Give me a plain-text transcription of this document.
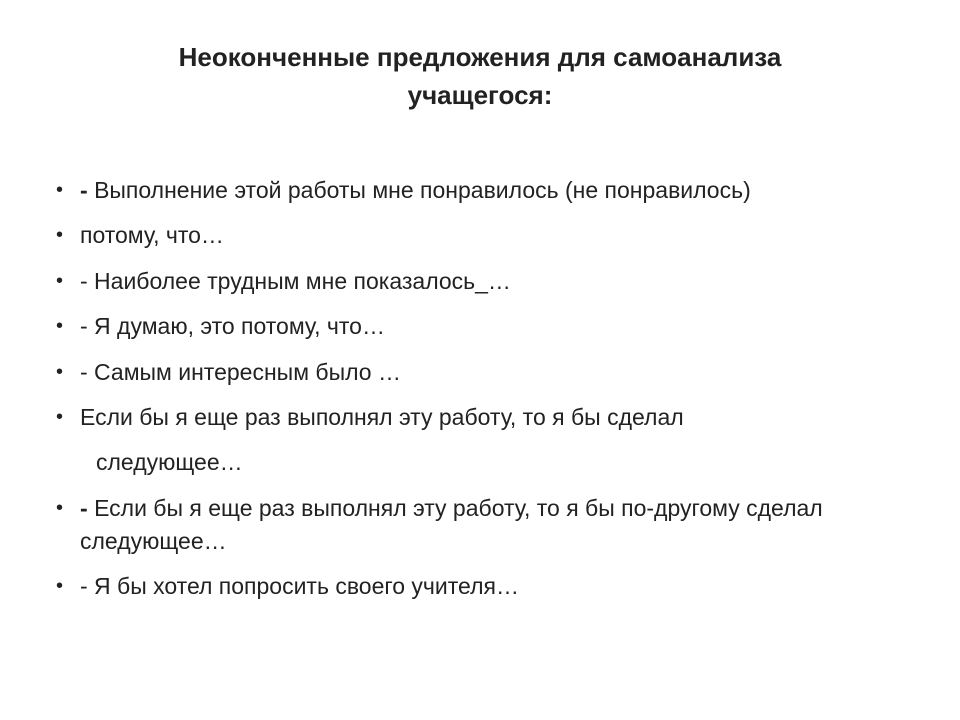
Неоконченные предложения для самоанализа
учащегося:
• - Выполнение этой работы мне понравилось (не понравилось)
• потому, что…
• - Наиболее трудным мне показалось_…
• - Я думаю, это потому, что…
• - Самым интересным было …
• Если бы я еще раз выполнял эту работу, то я бы сделал
следующее…
• - Если бы я еще раз выполнял эту работу, то я бы по-другому сделал следующее…
• - Я бы хотел попросить своего учителя…
